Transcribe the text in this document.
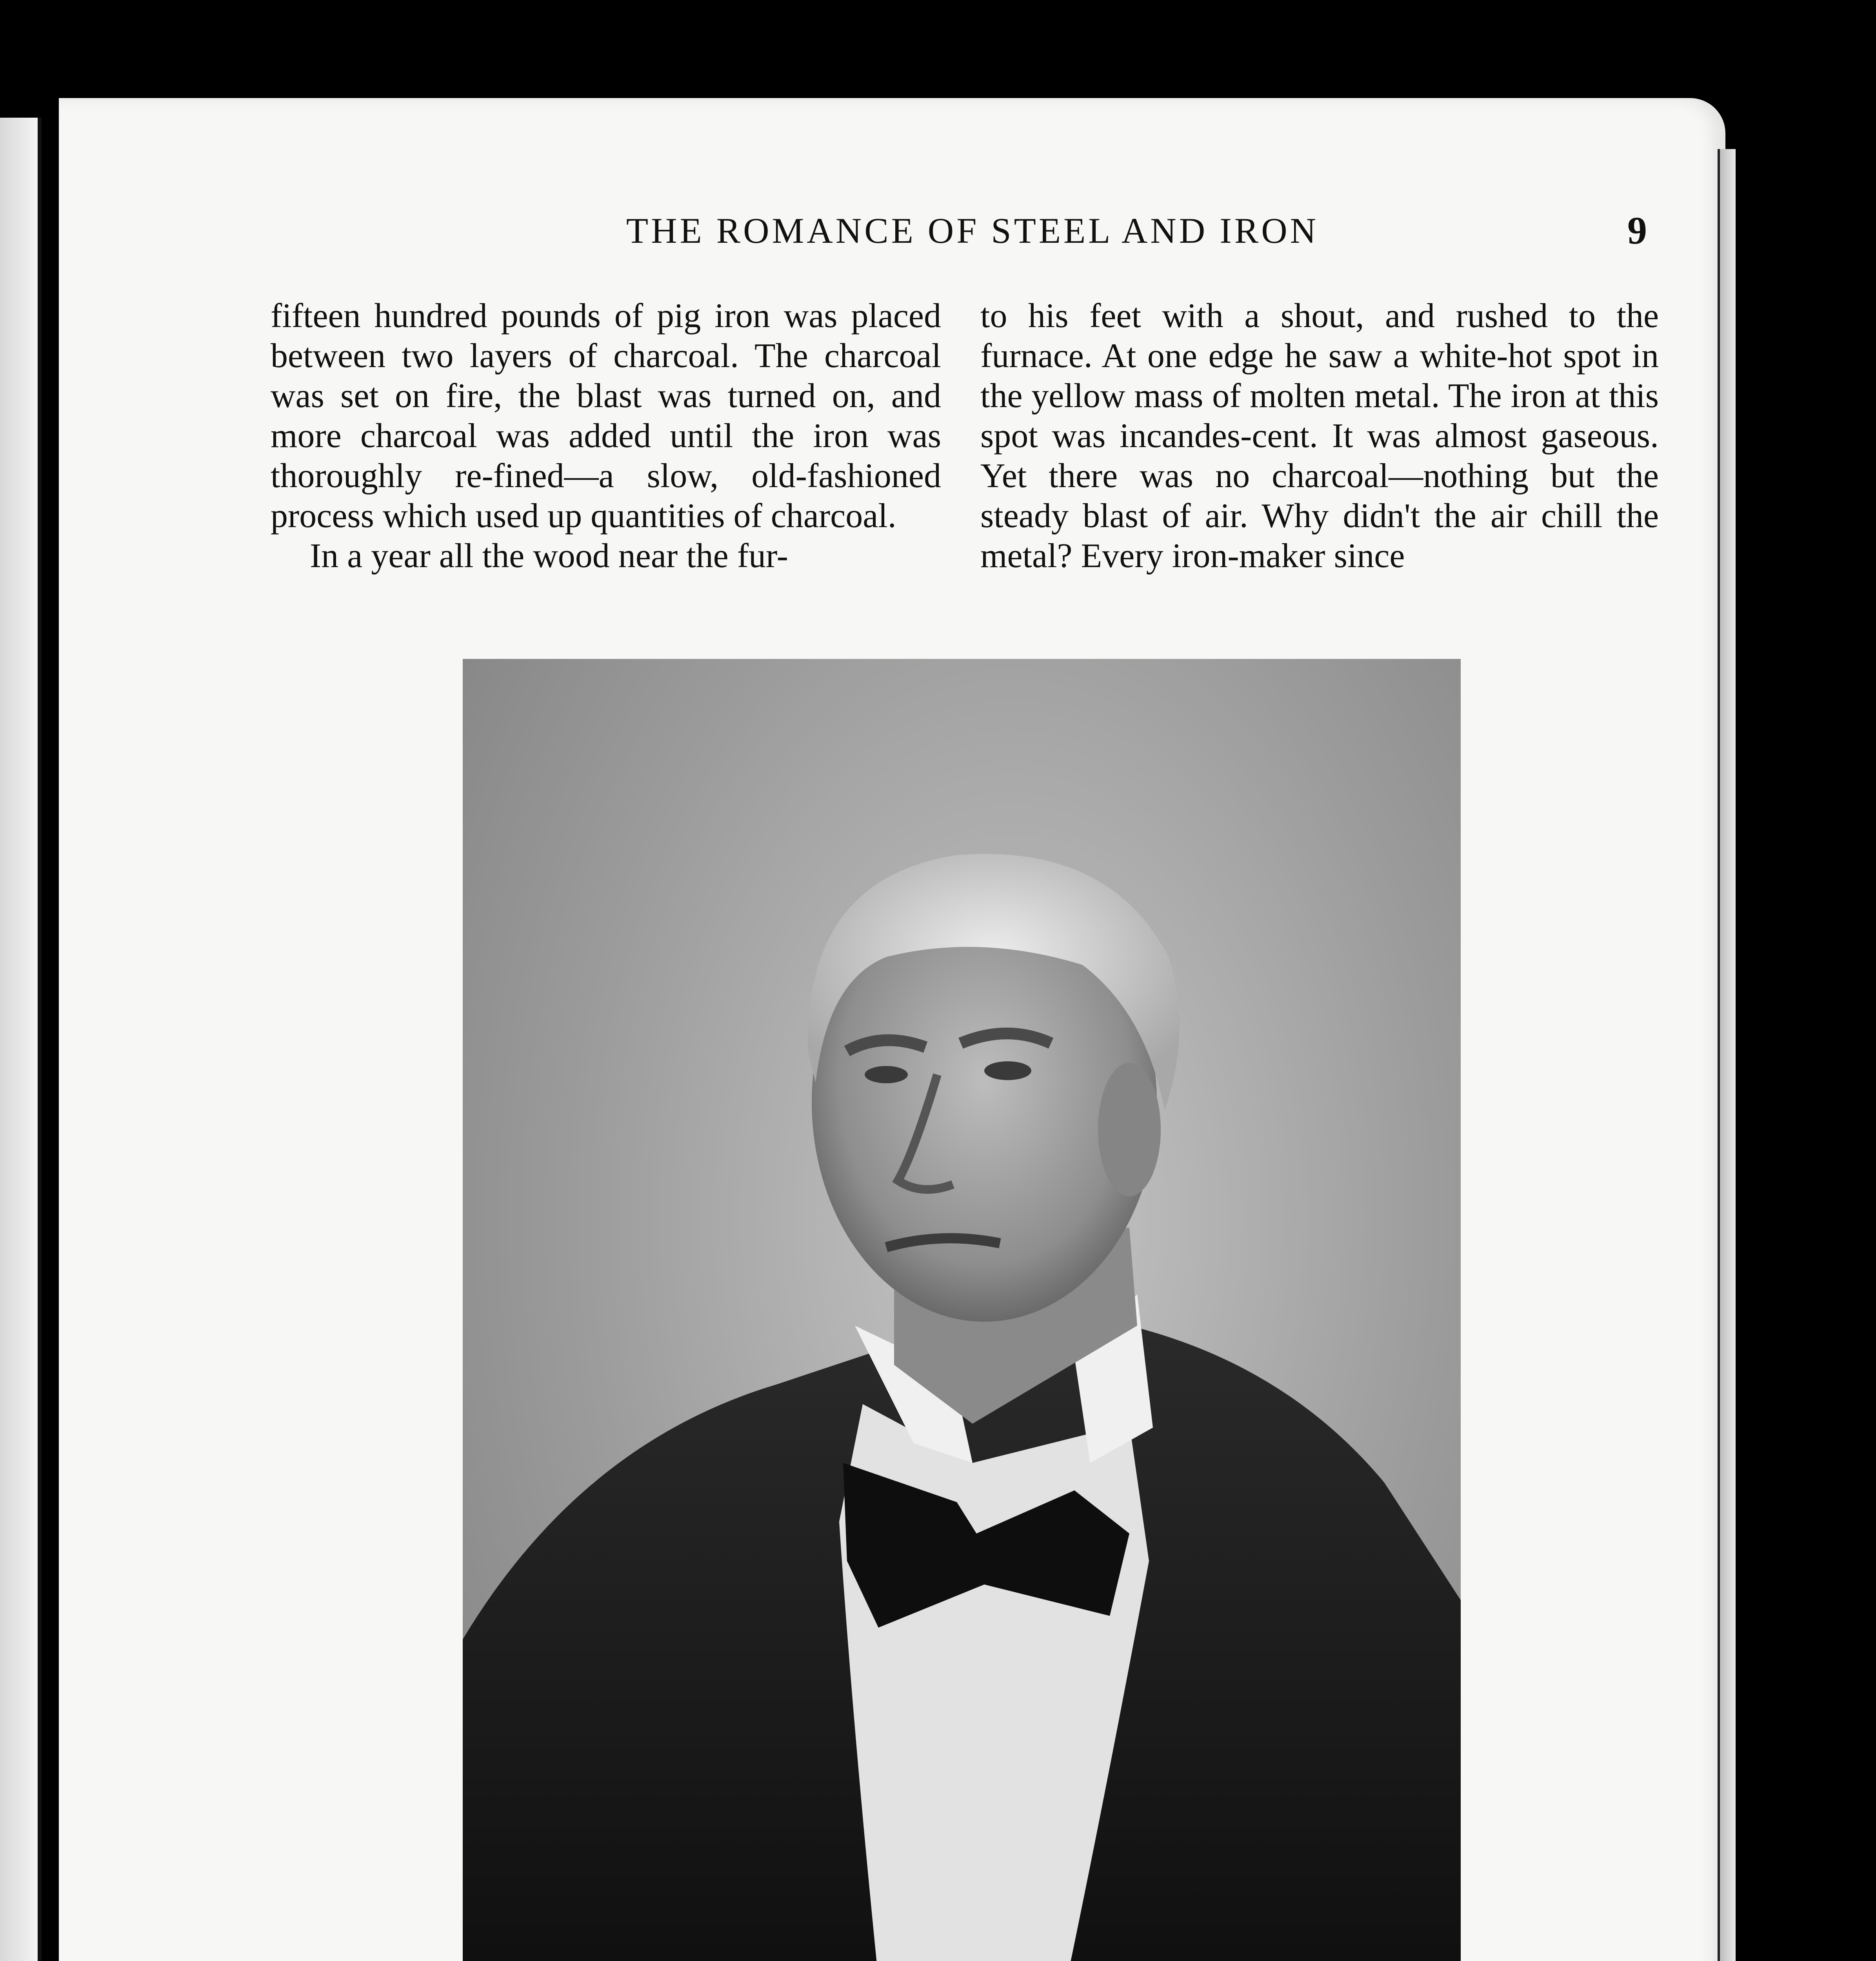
THE ROMANCE OF STEEL AND IRON	9

fifteen hundred pounds of pig iron was placed between two layers of charcoal. The charcoal was set on fire, the blast was turned on, and more charcoal was added until the iron was thoroughly re-fined—a slow, old-fashioned process which used up quantities of charcoal.

In a year all the wood near the fur-

to his feet with a shout, and rushed to the furnace. At one edge he saw a white-hot spot in the yellow mass of molten metal. The iron at this spot was incandes-cent. It was almost gaseous. Yet there was no charcoal—nothing but the steady blast of air. Why didn't the air chill the metal? Every iron-maker since
